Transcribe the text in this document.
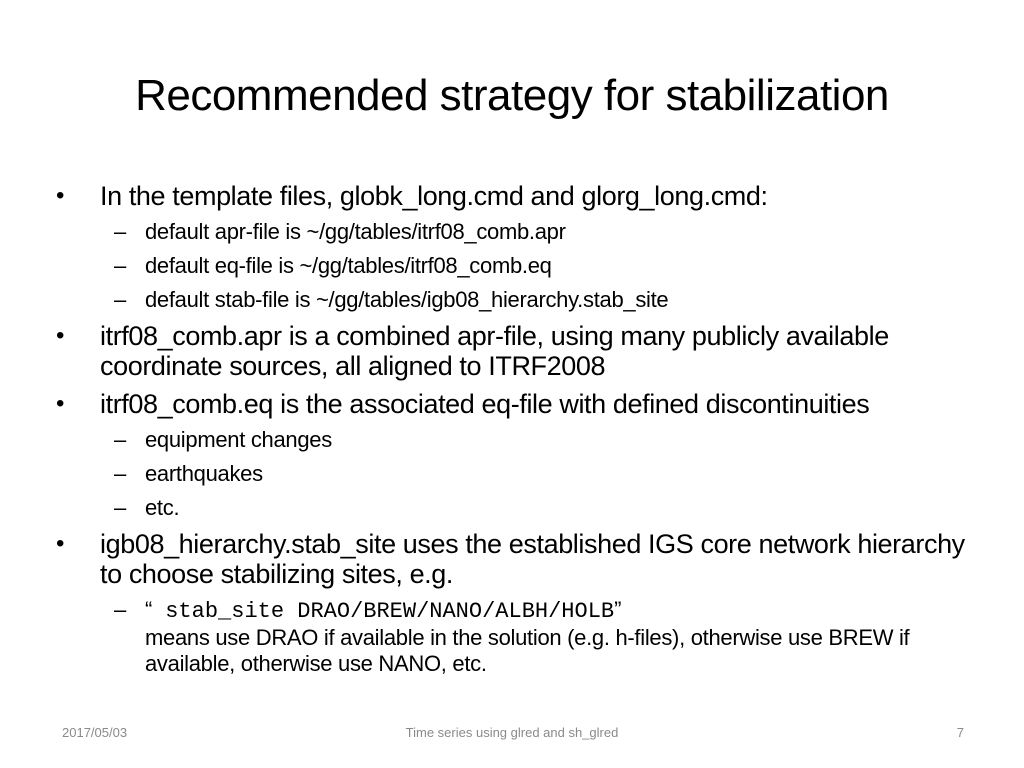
Recommended strategy for stabilization
•	In the template files, globk_long.cmd and glorg_long.cmd:
– default apr-file is ~/gg/tables/itrf08_comb.apr
– default eq-file is ~/gg/tables/itrf08_comb.eq
– default stab-file is ~/gg/tables/igb08_hierarchy.stab_site
•	itrf08_comb.apr is a combined apr-file, using many publicly available coordinate sources, all aligned to ITRF2008
•	itrf08_comb.eq is the associated eq-file with defined discontinuities
– equipment changes
– earthquakes
– etc.
•	igb08_hierarchy.stab_site uses the established IGS core network hierarchy to choose stabilizing sites, e.g.
– “ stab_site DRAO/BREW/NANO/ALBH/HOLB”
means use DRAO if available in the solution (e.g. h-files), otherwise use BREW if available, otherwise use NANO, etc.
2017/05/03	Time series using glred and sh_glred	7
